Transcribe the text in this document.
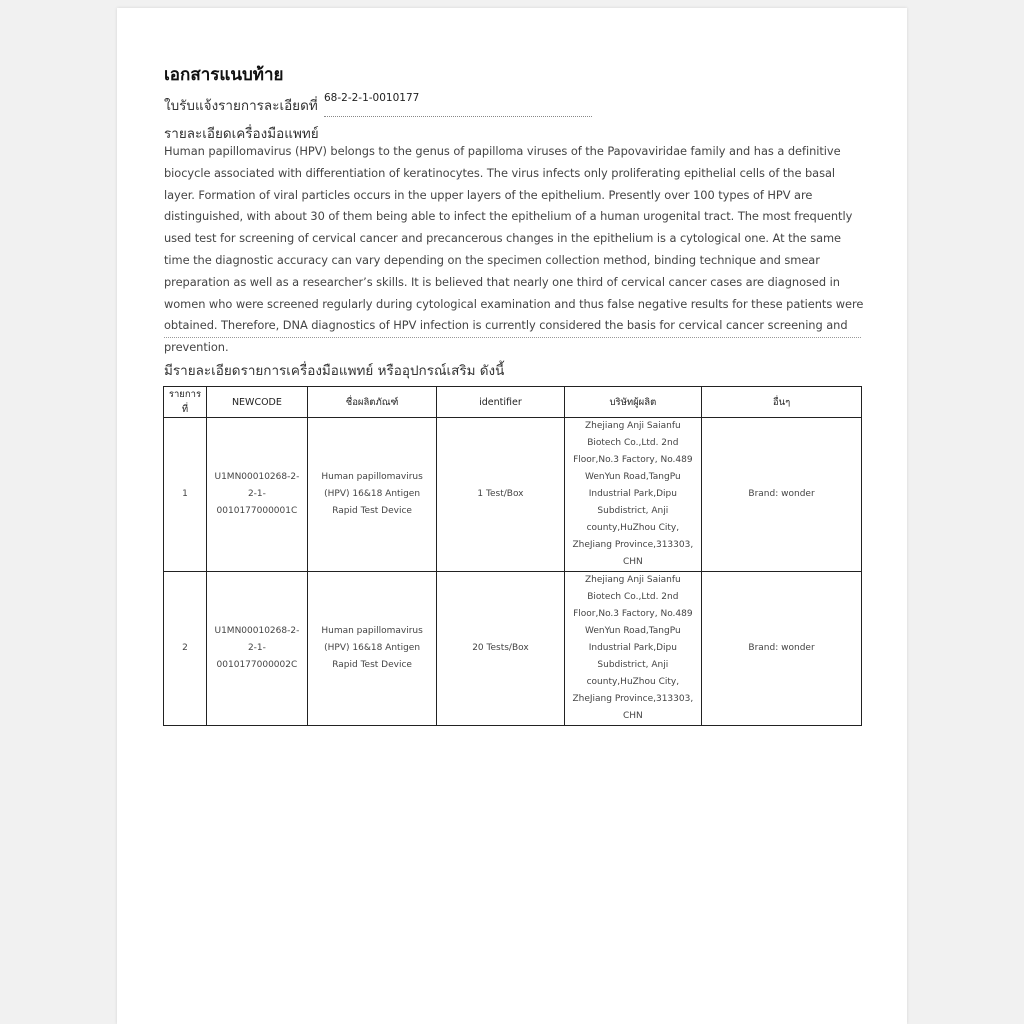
เอกสารแนบท้าย
ใบรับแจ้งรายการละเอียดที่ 68-2-2-1-0010177
รายละเอียดเครื่องมือแพทย์
Human papillomavirus (HPV) belongs to the genus of papilloma viruses of the Papovaviridae family and has a definitive biocycle associated with differentiation of keratinocytes. The virus infects only proliferating epithelial cells of the basal layer. Formation of viral particles occurs in the upper layers of the epithelium. Presently over 100 types of HPV are distinguished, with about 30 of them being able to infect the epithelium of a human urogenital tract. The most frequently used test for screening of cervical cancer and precancerous changes in the epithelium is a cytological one. At the same time the diagnostic accuracy can vary depending on the specimen collection method, binding technique and smear preparation as well as a researcher’s skills. It is believed that nearly one third of cervical cancer cases are diagnosed in women who were screened regularly during cytological examination and thus false negative results for these patients were obtained. Therefore, DNA diagnostics of HPV infection is currently considered the basis for cervical cancer screening and prevention.
มีรายละเอียดรายการเครื่องมือแพทย์ หรืออุปกรณ์เสริม ดังนี้
รายการที่	NEWCODE	ชื่อผลิตภัณฑ์	identifier	บริษัทผู้ผลิต	อื่นๆ
1	U1MN00010268-2-2-1-0010177000001C	Human papillomavirus (HPV) 16&18 Antigen Rapid Test Device	1 Test/Box	Zhejiang Anji Saianfu Biotech Co.,Ltd. 2nd Floor,No.3 Factory, No.489 WenYun Road,TangPu Industrial Park,Dipu Subdistrict, Anji county,HuZhou City, ZheJiang Province,313303, CHN	Brand: wonder
2	U1MN00010268-2-2-1-0010177000002C	Human papillomavirus (HPV) 16&18 Antigen Rapid Test Device	20 Tests/Box	Zhejiang Anji Saianfu Biotech Co.,Ltd. 2nd Floor,No.3 Factory, No.489 WenYun Road,TangPu Industrial Park,Dipu Subdistrict, Anji county,HuZhou City, ZheJiang Province,313303, CHN	Brand: wonder
